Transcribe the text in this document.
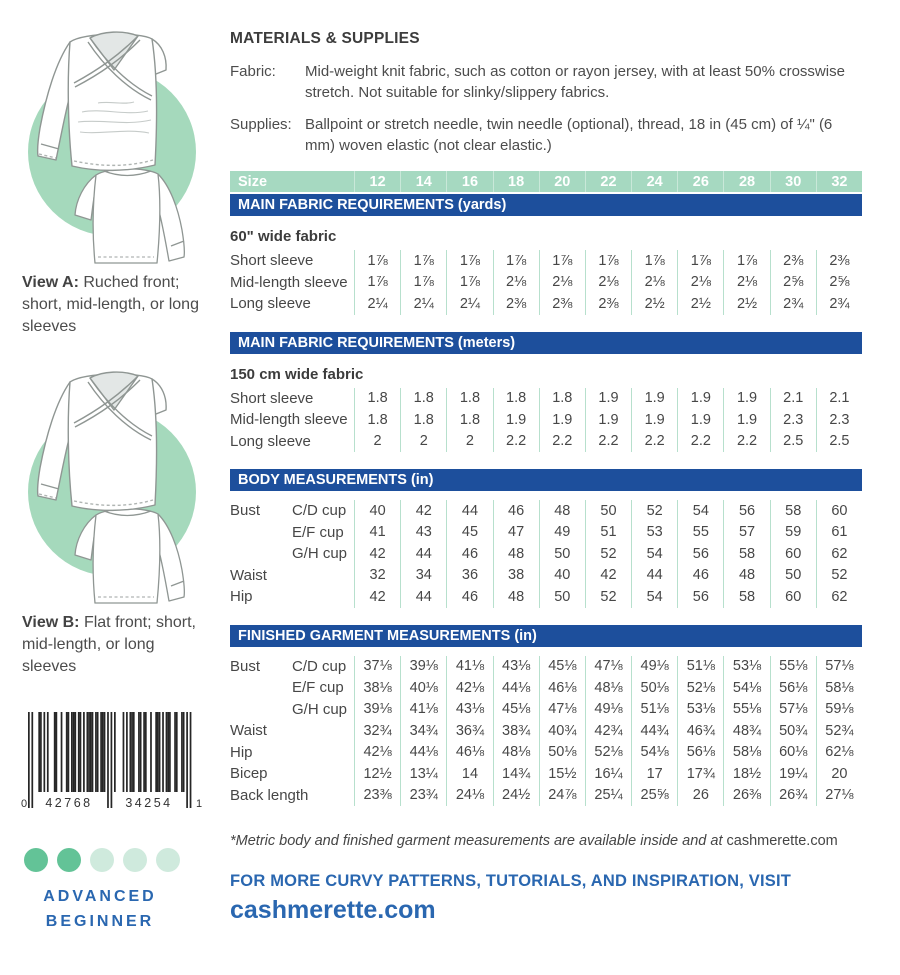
View A: Ruched front; short, mid-length, or long sleeves

View B: Flat front; short, mid-length, or long sleeves

0 42768	34254 1
ADVANCED
BEGINNER
MATERIALS & SUPPLIES
Fabric:	Mid-weight knit fabric, such as cotton or rayon jersey, with at least 50% crosswise stretch. Not suitable for slinky/slippery fabrics.
Supplies: Ballpoint or stretch needle, twin needle (optional), thread, 18 in (45 cm) of ¼" (6 mm) woven elastic (not clear elastic.)
Size	12	14	16	18	20	22	24	26	28	30	32
MAIN FABRIC REQUIREMENTS (yards)
60" wide fabric
Short sleeve	1⅞	1⅞	1⅞	1⅞	1⅞	1⅞	1⅞	1⅞	1⅞	2⅜	2⅜
Mid-length sleeve	1⅞	1⅞	1⅞	2⅛	2⅛	2⅛	2⅛	2⅛	2⅛	2⅝	2⅝
Long sleeve	2¼	2¼	2¼	2⅜	2⅜	2⅜	2½	2½	2½	2¾	2¾
MAIN FABRIC REQUIREMENTS (meters)
150 cm wide fabric
Short sleeve	1.8	1.8	1.8	1.8	1.8	1.9	1.9	1.9	1.9	2.1	2.1
Mid-length sleeve	1.8	1.8	1.8	1.9	1.9	1.9	1.9	1.9	1.9	2.3	2.3
Long sleeve	2	2	2	2.2	2.2	2.2	2.2	2.2	2.2	2.5	2.5
BODY MEASUREMENTS (in)
Bust	C/D cup	40	42	44	46	48	50	52	54	56	58	60
E/F cup	41	43	45	47	49	51	53	55	57	59	61
G/H cup	42	44	46	48	50	52	54	56	58	60	62
Waist	32	34	36	38	40	42	44	46	48	50	52
Hip	42	44	46	48	50	52	54	56	58	60	62
FINISHED GARMENT MEASUREMENTS (in)
Bust	C/D cup	37⅛	39⅛	41⅛	43⅛	45⅛	47⅛	49⅛	51⅛	53⅛	55⅛	57⅛
E/F cup	38⅛	40⅛	42⅛	44⅛	46⅛	48⅛	50⅛	52⅛	54⅛	56⅛	58⅛
G/H cup	39⅛	41⅛	43⅛	45⅛	47⅛	49⅛	51⅛	53⅛	55⅛	57⅛	59⅛
Waist	32¾	34¾	36¾	38¾	40¾	42¾	44¾	46¾	48¾	50¾	52¾
Hip	42⅛	44⅛	46⅛	48⅛	50⅛	52⅛	54⅛	56⅛	58⅛	60⅛	62⅛
Bicep	12½	13¼	14	14¾	15½	16¼	17	17¾	18½	19¼	20
Back length	23⅜	23¾	24⅛	24½	24⅞	25¼	25⅝	26	26⅜	26¾	27⅛
*Metric body and finished garment measurements are available inside and at cashmerette.com
FOR MORE CURVY PATTERNS, TUTORIALS, AND INSPIRATION, VISIT
cashmerette.com
